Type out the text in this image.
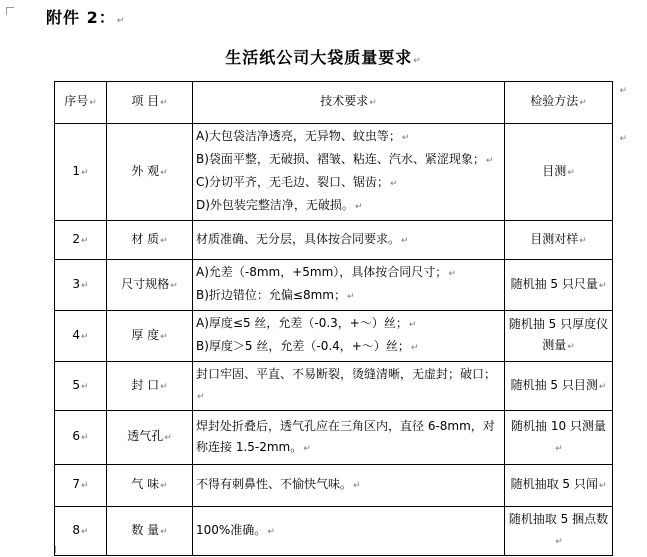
附件 2：↵
生活纸公司大袋质量要求↵
序号↵	项 目↵	技术要求↵	检验方法↵
1↵	外 观↵	A)大包袋洁净透亮，无异物、蚊虫等；↵
B)袋面平整，无破损、褶皱、粘连、汽水、紧涩现象；↵
C)分切平齐，无毛边、裂口、锯齿；↵
D)外包装完整洁净，无破损。↵	目测↵
2↵	材 质↵	材质准确、无分层，具体按合同要求。↵	目测对样↵
3↵	尺寸规格↵	A)允差（-8mm，+5mm），具体按合同尺寸；↵
B)折边错位：允偏≤8mm；↵	随机抽 5 只尺量↵
4↵	厚 度↵	A)厚度≤5 丝，允差（-0.3，+～）丝；↵
B)厚度＞5 丝，允差（-0.4，+～）丝；↵	随机抽 5 只厚度仪测量↵
5↵	封 口↵	封口牢固、平直、不易断裂，烫缝清晰，无虚封；破口；↵	随机抽 5 只目测↵
6↵	透气孔↵	焊封处折叠后，透气孔应在三角区内，直径 6-8mm，对称连接 1.5-2mm。↵	随机抽 10 只测量↵
7↵	气 味↵	不得有刺鼻性、不愉快气味。↵	随机抽取 5 只闻↵
8↵	数 量↵	100%准确。↵	随机抽取 5 捆点数↵
↵
↵
